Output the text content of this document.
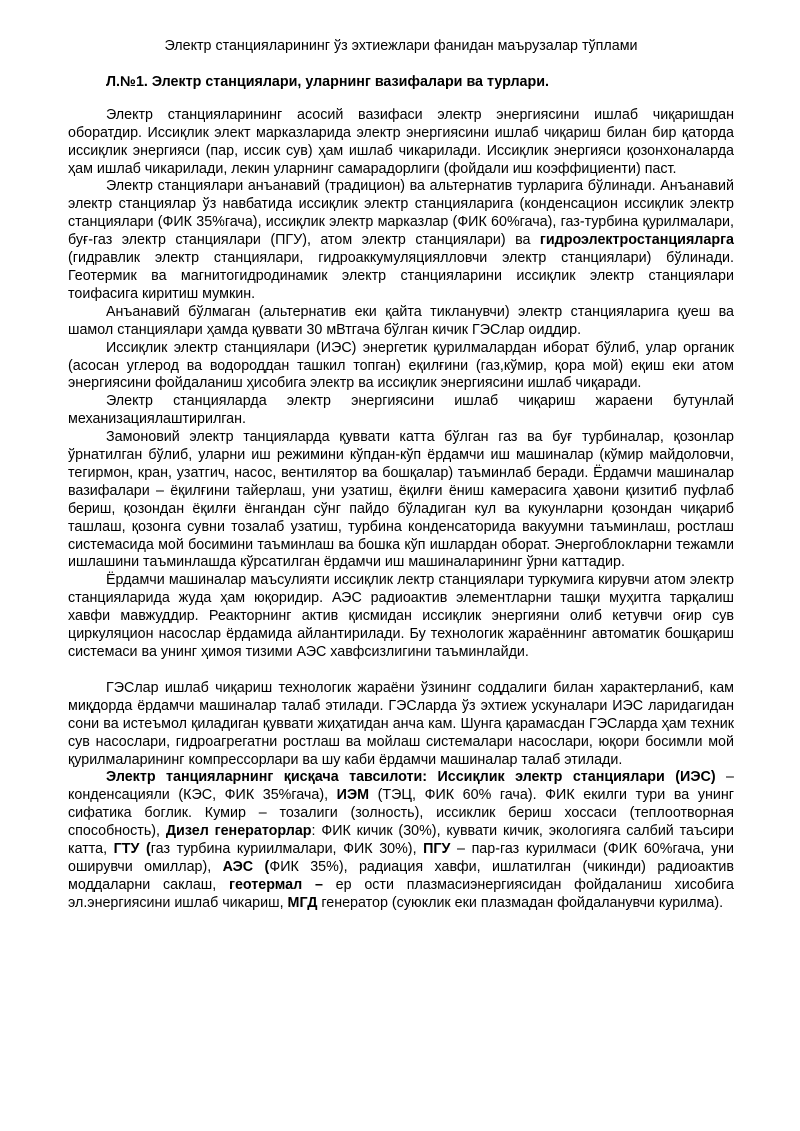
Электр станцияларининг ўз эхтиежлари фанидан маърузалар тўплами
Л.№1. Электр станциялари, уларнинг вазифалари ва турлари.

Электр станцияларининг асосий вазифаси электр энергиясини ишлаб чиқаришдан оборатдир. Иссиқлик элект марказларида электр энергиясини ишлаб чиқариш билан бир қаторда иссиқлик энергияси (пар, иссик сув) ҳам ишлаб чикарилади. Иссиқлик энергияси қозонхоналарда ҳам ишлаб чикарилади, лекин уларнинг самарадорлиги (фойдали иш коэффициенти) паст.

Электр станциялари анъанавий (традицион) ва альтернатив турларига бўлинади. Анъанавий электр станциялар ўз навбатида иссиқлик электр станцияларига (конденсацион иссиқлик электр станциялари (ФИК 35%гача), иссиқлик электр марказлар (ФИК 60%гача), газ-турбина қурилмалари, буғ-газ электр станциялари (ПГУ), атом электр станциялари) ва гидроэлектростанцияларга (гидравлик электр станциялари, гидроаккумуляциялловчи электр станциялари) бўлинади. Геотермик ва магнитогидродинамик электр станцияларини иссиқлик электр станциялари тоифасига киритиш мумкин.

Анъанавий бўлмаган (альтернатив еки қайта тикланувчи) электр станцияларига қуеш ва шамол станциялари ҳамда қуввати 30 мВтгача бўлган кичик ГЭСлар оиддир.

Иссиқлик электр станциялари (ИЭС) энергетик қурилмалардан иборат бўлиб, улар органик (асосан углерод ва водороддан ташкил топган) еқилғини (газ,кўмир, қора мой) еқиш еки атом энергиясини фойдаланиш ҳисобига электр ва иссиқлик энергиясини ишлаб чиқаради.

Электр станцияларда электр энергиясини ишлаб чиқариш жараени бутунлай механизациялаштирилган.

Замонoвий электр танцияларда қуввати катта бўлган газ ва буғ турбиналар, қозонлар ўрнатилган бўлиб, уларни иш режимини кўпдан-кўп ёрдамчи иш машиналар (кўмир майдоловчи, тегирмон, кран, узатгич, насос, вентилятор ва бошқалар) таъминлаб беради. Ёрдамчи машиналар вазифалари – ёқилғини тайерлаш, уни узатиш, ёқилғи ёниш камерасига ҳавони қизитиб пуфлаб бериш, қозондан ёқилғи ёнгандан сўнг пайдо бўладиган кул ва кукунларни қозондан чиқариб ташлаш, қозонга сувни тозалаб узатиш, турбина конденсаторида вакуумни таъминлаш, ростлаш системасида мой босимини таъминлаш ва бошка кўп ишлардан оборат. Энергоблокларни тежамли ишлашини таъминлашда кўрсатилган ёрдамчи иш машиналарининг ўрни каттадир.

Ёрдамчи машиналар маъсулияти иссиқлик лектр станциялари туркумига кирувчи атом электр станцияларида жуда ҳам юқоридир. АЭС радиоактив элементларни ташқи муҳитга тарқалиш хавфи мавжуддир. Реакторнинг актив қисмидан иссиқлик энергияни олиб кетувчи оғир сув циркуляцион насослар ёрдамида айлантирилади. Бу технологик жараённинг автоматик бошқариш системаси ва унинг ҳимоя тизими АЭС хавфсизлигини таъминлайди.

ГЭСлар ишлаб чиқариш технологик жараёни ўзининг соддалиги билан характерланиб, кам миқдорда ёрдамчи машиналар талаб этилади. ГЭСларда ўз эхтиеж ускуналари ИЭС ларидагидан сони ва истеъмол қиладиган қуввати жиҳатидан анча кам. Шунга қарамасдан ГЭСларда ҳам техник сув насослари, гидроагрегатни ростлаш ва мойлаш системалари насослари, юқори босимли мой қурилмаларининг компрессорлари ва шу каби ёрдамчи машиналар талаб этилади.

Электр танцияларнинг қисқача тавсилоти: Иссиқлик электр станциялари (ИЭС) – конденсацияли (КЭС, ФИК 35%гача), ИЭМ (ТЭЦ, ФИК 60% гача). ФИК екилги тури ва унинг сифатика боглик. Кумир – тозалиги (золность), иссиклик бериш хоссаси (теплоотворная способность), Дизел генераторлар: ФИК кичик (30%), куввати кичик, экологияга салбий таъсири катта, ГТУ (газ турбина куриилмалари, ФИК 30%), ПГУ – пар-газ курилмаси (ФИК 60%гача, уни оширувчи омиллар), АЭС (ФИК 35%), радиация хавфи, ишлатилган (чикинди) радиоактив моддаларни саклаш, геотермал – ер ости плазмасиэнергиясидан фойдаланиш хисобига эл.энергиясини ишлаб чикариш, МГД генератор (суюклик еки плазмадан фойдаланувчи курилма).
